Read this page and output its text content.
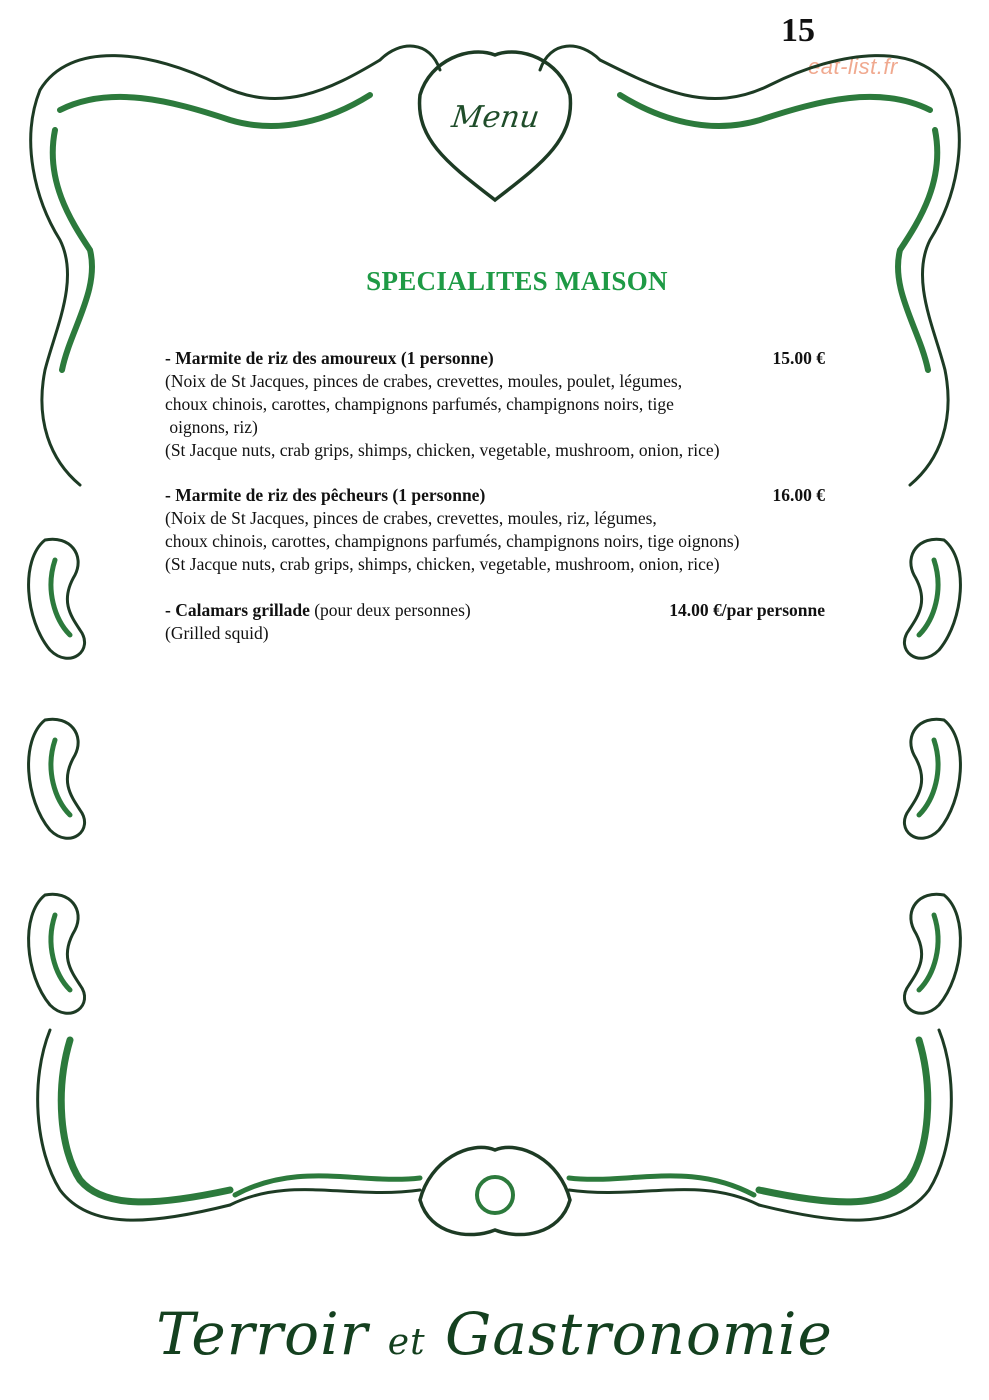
15
eat-list.fr
Menu
SPECIALITES MAISON
- Marmite de riz des amoureux (1 personne)	15.00 €
(Noix de St Jacques, pinces de crabes, crevettes, moules, poulet, légumes,
choux chinois, carottes, champignons parfumés, champignons noirs, tige
oignons, riz)
(St Jacque nuts, crab grips, shimps, chicken, vegetable, mushroom, onion, rice)
- Marmite de riz des pêcheurs (1 personne)	16.00 €
(Noix de St Jacques, pinces de crabes, crevettes, moules, riz, légumes,
choux chinois, carottes, champignons parfumés, champignons noirs, tige oignons)
(St Jacque nuts, crab grips, shimps, chicken, vegetable, mushroom, onion, rice)
- Calamars grillade (pour deux personnes)	14.00 €/par personne
(Grilled squid)
Terroir et Gastronomie
